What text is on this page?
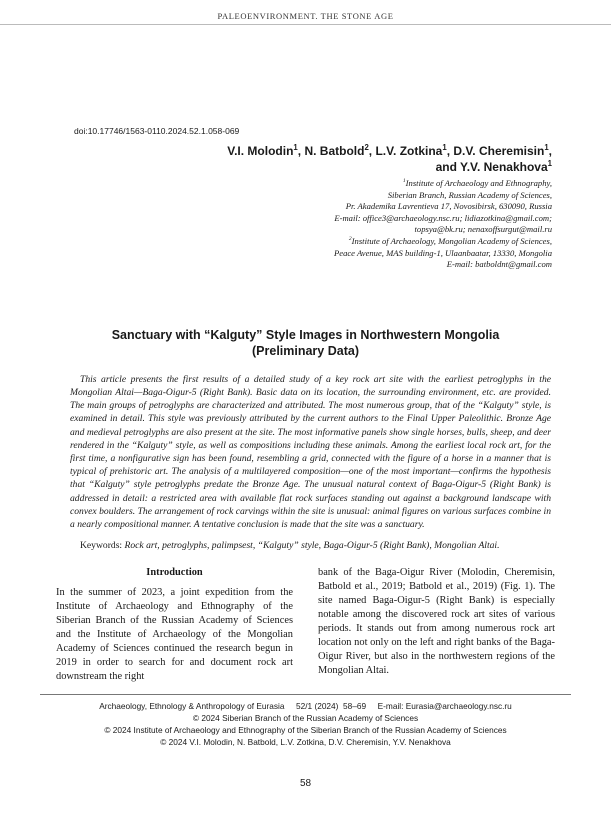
PALEOENVIRONMENT. THE STONE AGE
doi:10.17746/1563-0110.2024.52.1.058-069
V.I. Molodin$^1$, N. Batbold$^2$, L.V. Zotkina$^1$, D.V. Cheremisin$^1$,
and Y.V. Nenakhova$^1$
$^1$Institute of Archaeology and Ethnography,
Siberian Branch, Russian Academy of Sciences,
Pr. Akademika Lavrentieva 17, Novosibirsk, 630090, Russia
E-mail: office3@archaeology.nsc.ru; lidiazotkina@gmail.com;
topsya@bk.ru; nenaxoffsurgut@mail.ru
$^2$Institute of Archaeology, Mongolian Academy of Sciences,
Peace Avenue, MAS building-1, Ulaanbaatar, 13330, Mongolia
E-mail: batboldnt@gmail.com
Sanctuary with “Kalguty” Style Images in Northwestern Mongolia
(Preliminary Data)

This article presents the first results of a detailed study of a key rock art site with the earliest petroglyphs in the Mongolian Altai—Baga-Oigur-5 (Right Bank). Basic data on its location, the surrounding environment, etc. are provided. The main groups of petroglyphs are characterized and attributed. The most numerous group, that of the “Kalguty” style, is examined in detail. This style was previously attributed by the current authors to the Final Upper Paleolithic. Bronze Age and medieval petroglyphs are also present at the site. The most informative panels show single horses, bulls, sheep, and deer rendered in the “Kalguty” style, as well as compositions including these animals. Among the earliest local rock art, for the first time, a nonfigurative sign has been found, resembling a grid, connected with the figure of a horse in a manner that is typical of prehistoric art. The analysis of a multilayered composition—one of the most important—confirms the hypothesis that “Kalguty” style petroglyphs predate the Bronze Age. The unusual natural context of Baga-Oigur-5 (Right Bank) is addressed in detail: a restricted area with available flat rock surfaces standing out against a background landscape with convex boulders. The arrangement of rock carvings within the site is unusual: animal figures on various surfaces combine in a nearly compositional manner. A tentative conclusion is made that the site was a sanctuary.

Keywords: Rock art, petroglyphs, palimpsest, “Kalguty” style, Baga-Oigur-5 (Right Bank), Mongolian Altai.
Introduction

In the summer of 2023, a joint expedition from the Institute of Archaeology and Ethnography of the Siberian Branch of the Russian Academy of Sciences and the Institute of Archaeology of the Mongolian Academy of Sciences continued the research begun in 2019 in order to search for and document rock art downstream the right

bank of the Baga-Oigur River (Molodin, Cheremisin, Batbold et al., 2019; Batbold et al., 2019) (Fig. 1). The site named Baga-Oigur-5 (Right Bank) is especially notable among the discovered rock art sites of various periods. It stands out from among numerous rock art location not only on the left and right banks of the Baga-Oigur River, but also in the northwestern regions of the Mongolian Altai.

Archaeology, Ethnology & Anthropology of Eurasia     52/1 (2024)  58–69     E-mail: Eurasia@archaeology.nsc.ru
© 2024 Siberian Branch of the Russian Academy of Sciences
© 2024 Institute of Archaeology and Ethnography of the Siberian Branch of the Russian Academy of Sciences
© 2024 V.I. Molodin, N. Batbold, L.V. Zotkina, D.V. Cheremisin, Y.V. Nenakhova
58
